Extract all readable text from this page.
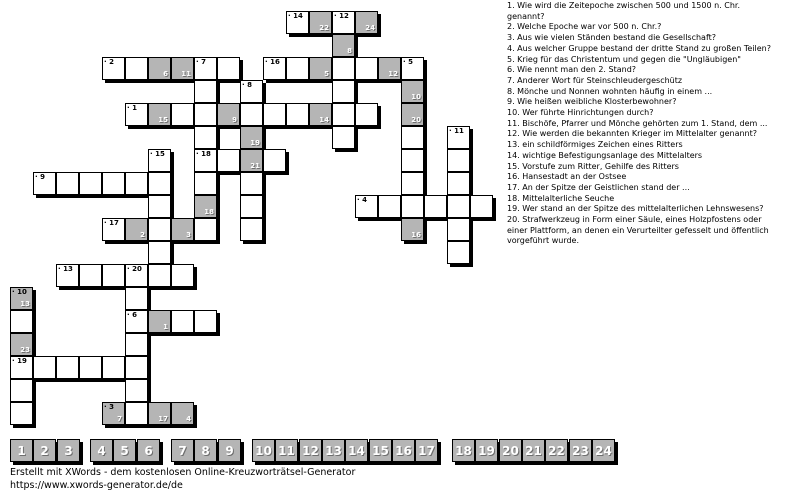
· 14
22
· 12
24
8
· 2
6 11
· 7	· 16
5	12
· 5
· 18
18
10
20
16
· 8
19
21
· 1
15	9	14
· 11
· 15
· 9
· 4
· 17
2	3
· 13	· 20
· 6
· 10
13
23
· 19
1
· 3
7	17	4
1. Wie wird die Zeitepoche zwischen 500 und 1500 n. Chr. genannt?
2. Welche Epoche war vor 500 n. Chr.?
3. Aus wie vielen Ständen bestand die Gesellschaft?
4. Aus welcher Gruppe bestand der dritte Stand zu großen Teilen?
5. Krieg für das Christentum und gegen die "Ungläubigen"
6. Wie nennt man den 2. Stand?
7. Anderer Wort für Steinschleudergeschütz
8. Mönche und Nonnen wohnten häufig in einem ...
9. Wie heißen weibliche Klosterbewohner?
10. Wer führte Hinrichtungen durch?
11. Bischöfe, Pfarrer und Mönche gehörten zum 1. Stand, dem ...
12. Wie werden die bekannten Krieger im Mittelalter genannt?
13. ein schildförmiges Zeichen eines Ritters
14. wichtige Befestigungsanlage des Mittelalters
15. Vorstufe zum Ritter, Gehilfe des Ritters
16. Hansestadt an der Ostsee
17. An der Spitze der Geistlichen stand der ...
18. Mittelalterliche Seuche
19. Wer stand an der Spitze des mittelalterlichen Lehnswesens?
20. Strafwerkzeug in Form einer Säule, eines Holzpfostens oder einer Plattform, an denen ein Verurteilter gefesselt und öffentlich vorgeführt wurde.
1	2	3	4	5	6	7	8	9	10 11 12 13 14 15 16 17 18 19 20 21 22 23 24
Erstellt mit XWords - dem kostenlosen Online-Kreuzworträtsel-Generator
https://www.xwords-generator.de/de
